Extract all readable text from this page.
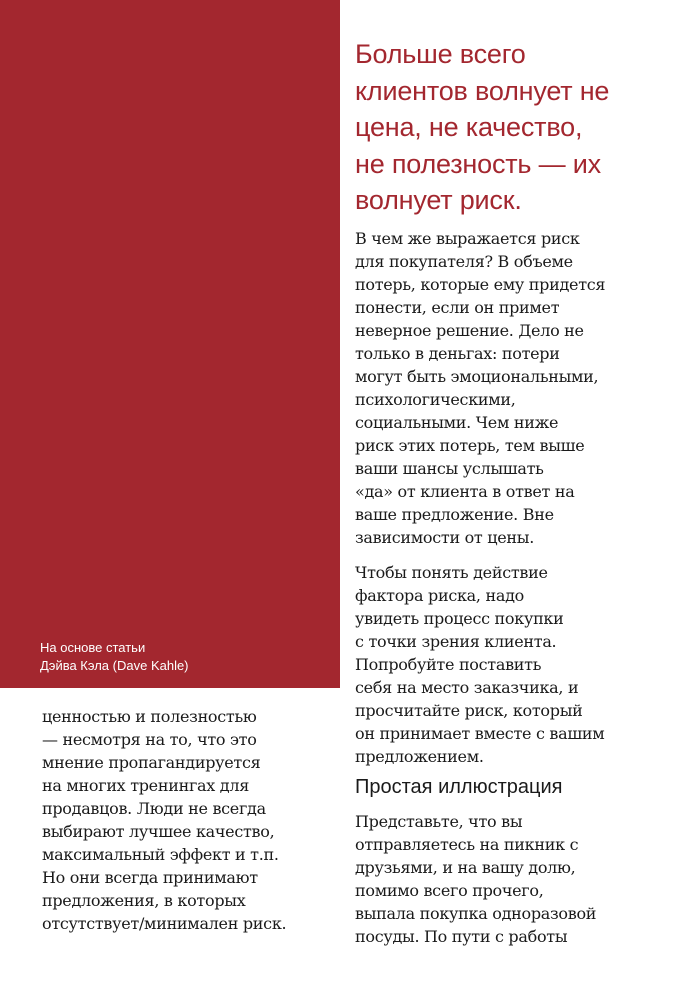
На основе статьи
Дэйва Кэла (Dave Kahle)
Больше всего
клиентов волнует не
цена, не качество,
не полезность — их
волнует риск.

В чем же выражается риск
для покупателя? В объеме
потерь, которые ему придется
понести, если он примет
неверное решение. Дело не
только в деньгах: потери
могут быть эмоциональными,
психологическими,
социальными. Чем ниже
риск этих потерь, тем выше
ваши шансы услышать
«да» от клиента в ответ на
ваше предложение. Вне
зависимости от цены.

Чтобы понять действие
фактора риска, надо
увидеть процесс покупки
с точки зрения клиента.
Попробуйте поставить
себя на место заказчика, и
просчитайте риск, который
он принимает вместе с вашим
предложением.

Простая иллюстрация

Представьте, что вы
отправляетесь на пикник с
друзьями, и на вашу долю,
помимо всего прочего,
выпала покупка одноразовой
посуды. По пути с работы

ценностью и полезностью
— несмотря на то, что это
мнение пропагандируется
на многих тренингах для
продавцов. Люди не всегда
выбирают лучшее качество,
максимальный эффект и т.п.
Но они всегда принимают
предложения, в которых
отсутствует/минимален риск.
